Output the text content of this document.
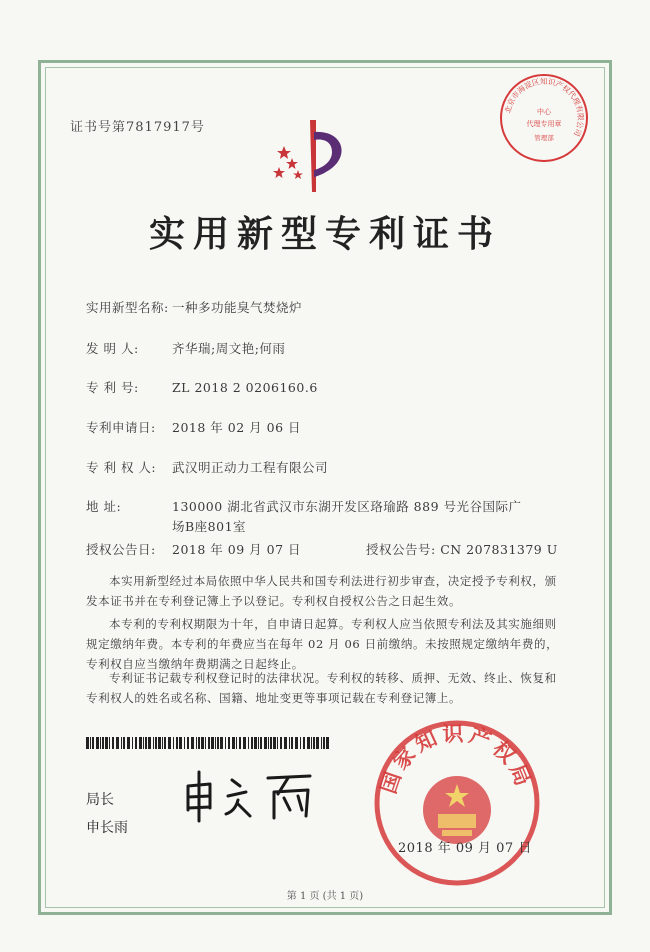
证书号第7817917号
北京市海淀区知识产权代理有限公司
中心
代理专用章
管理部
实用新型专利证书
实用新型名称: 一种多功能臭气焚烧炉
发 明 人:	齐华瑞;周文艳;何雨
专 利 号:	ZL 2018 2 0206160.6
专利申请日: 2018 年 02 月 06 日
专 利 权 人: 武汉明正动力工程有限公司
地 址:	130000 湖北省武汉市东湖开发区珞瑜路 889 号光谷国际广
场B座801室
授权公告日: 2018 年 09 月 07 日	授权公告号: CN 207831379 U
本实用新型经过本局依照中华人民共和国专利法进行初步审查，决定授予专利权，颁发本证书并在专利登记簿上予以登记。专利权自授权公告之日起生效。
本专利的专利权期限为十年，自申请日起算。专利权人应当依照专利法及其实施细则规定缴纳年费。本专利的年费应当在每年 02 月 06 日前缴纳。未按照规定缴纳年费的，专利权自应当缴纳年费期满之日起终止。
专利证书记载专利权登记时的法律状况。专利权的转移、质押、无效、终止、恢复和专利权人的姓名或名称、国籍、地址变更等事项记载在专利登记簿上。
局长
申长雨
国家知识产权局
2018 年 09 月 07 日
第 1 页 (共 1 页)
